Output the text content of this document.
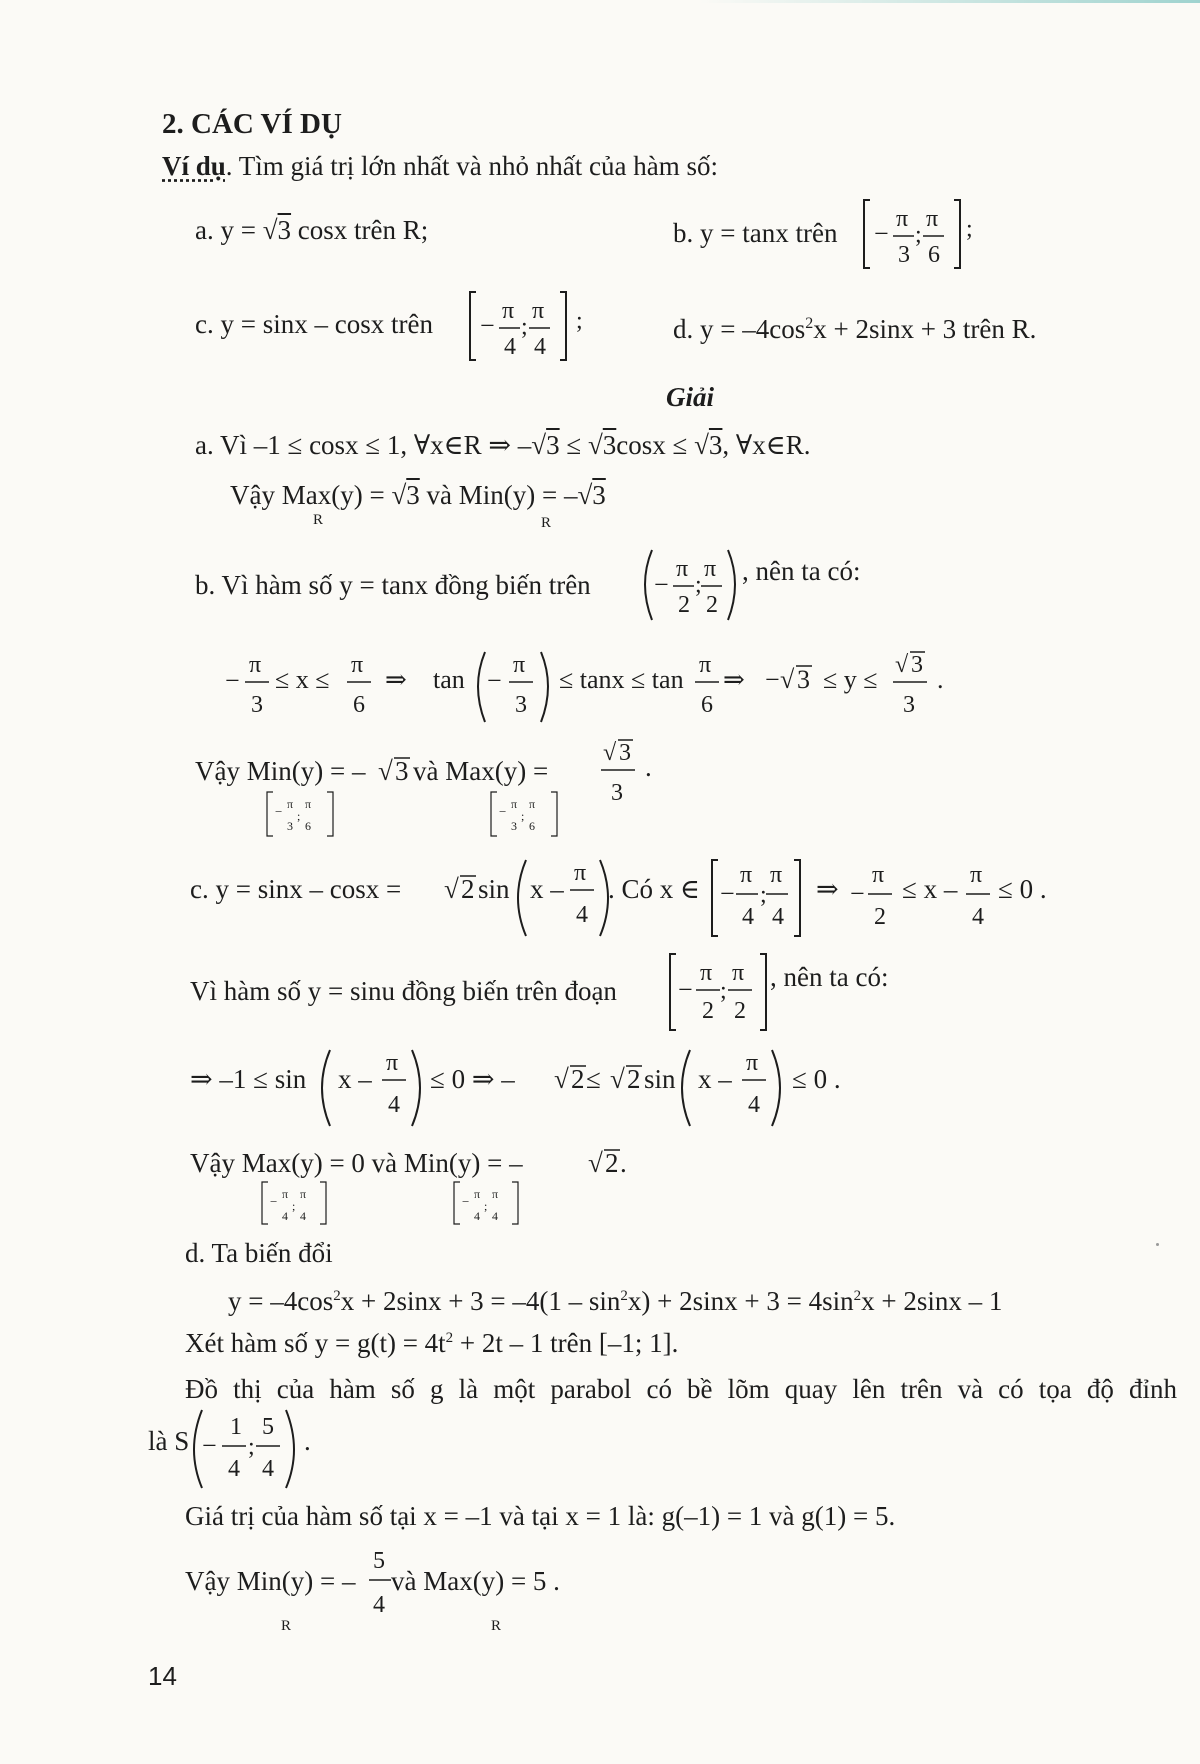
2. CÁC VÍ DỤ
Ví dụ. Tìm giá trị lớn nhất và nhỏ nhất của hàm số:
a. y = √3 cosx trên R;	b. y = tanx trên − π
3
;
π
6
;
c. y = sinx – cosx trên − π
4
;
π
4
;	d. $y = -4\cos^2x + 2\sin x + 3$ trên R.
Giải
a. Vì –1 ≤ cosx ≤ 1, ∀x∈R ⇒ –√3 ≤ √3cosx ≤ √3, ∀x∈R.
Vậy Max(y) = √3 và Min(y) = –√3
R	R
b. Vì hàm số y = tanx đồng biến trên −
π
2
;
π
2
, nên ta có:
−
π
3
≤ x ≤ π
6
⇒ tan −
π
3
≤ tanx ≤ tan π
6
⇒ − √ 3 ≤ y ≤ √ 3
3
.
Vậy Min(y) = – √ 3 và Max(y) =
√ 3
3
.
− π
3
;
π
6
− π
3
;
π
6
c. y = sinx – cosx = √ 2 sin x –
π
4
. Có x ∈ −
π
4
;
π
4
⇒ −
π
2
≤ x – π
4
≤ 0 .
Vì hàm số y = sinu đồng biến trên đoạn −
π
2
;
π
2
, nên ta có:
⇒ –1 ≤ sin x –
π
4
≤ 0 ⇒ – √ 2 ≤ √ 2 sin x –
π
4
≤ 0 .
Vậy Max(y) = 0 và Min(y) = – √ 2 .
− π
4
;
π
4
− π
4
;
π
4
d. Ta biến đổi
$y = -4\cos^2x + 2\sin x + 3 = -4(1 - \sin^2x) + 2\sin x + 3 = 4\sin^2x + 2\sin x - 1$
Xét hàm số $y = g(t) = 4t^2 + 2t - 1$ trên [–1; 1].
Đồ thị của hàm số g là một parabol có bề lõm quay lên trên và có tọa độ đỉnh
là S −
1
4
;
5
4
.
Giá trị của hàm số tại x = –1 và tại x = 1 là: g(–1) = 1 và g(1) = 5.
Vậy Min(y) = –
5
4
và Max(y) = 5 .
R	R
14
